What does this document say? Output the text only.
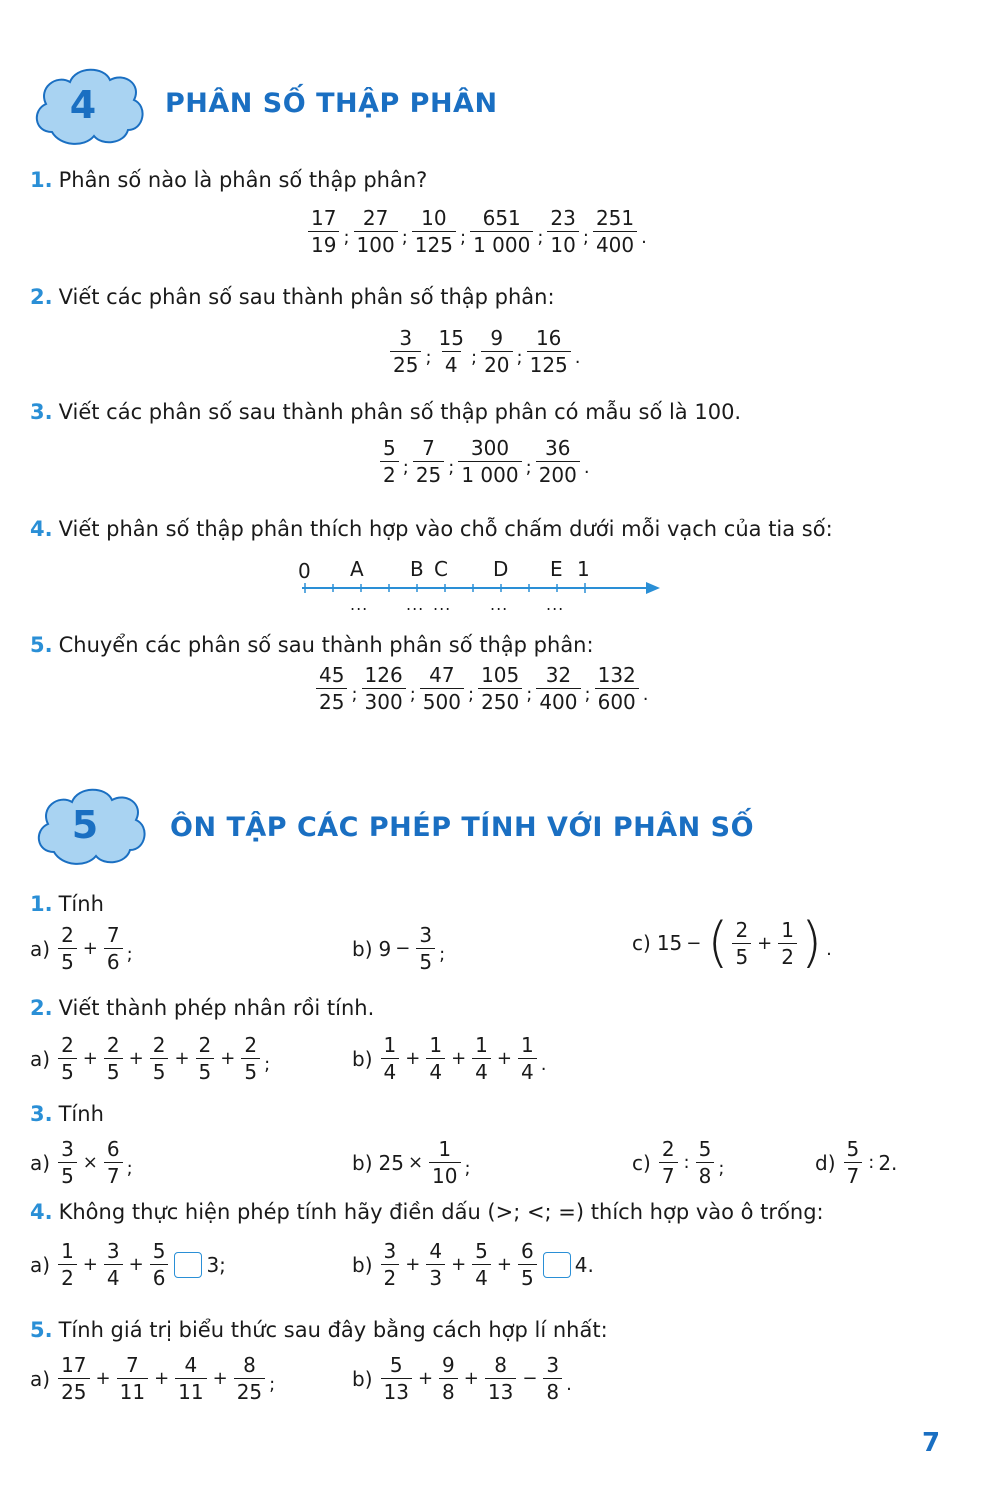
4	PHÂN SỐ THẬP PHÂN
1. Phân số nào là phân số thập phân?
$\frac{17}{19}$ ; $\frac{27}{100}$ ; $\frac{10}{125}$ ; $\frac{651}{1 000}$ ; $\frac{23}{10}$ ; $\frac{251}{400}$ .
2. Viết các phân số sau thành phân số thập phân:
$\frac{3}{25}$ ; $\frac{15}{4}$ ; $\frac{9}{20}$ ; $\frac{16}{125}$ .
3. Viết các phân số sau thành phân số thập phân có mẫu số là 100.
$\frac{5}{2}$ ; $\frac{7}{25}$ ; $\frac{300}{1 000}$ ; $\frac{36}{200}$ .
4. Viết phân số thập phân thích hợp vào chỗ chấm dưới mỗi vạch của tia số:
0 A B C D E 1
... ... ... ... ...
5. Chuyển các phân số sau thành phân số thập phân:
$\frac{45}{25}$ ; $\frac{126}{300}$ ; $\frac{47}{500}$ ; $\frac{105}{250}$ ; $\frac{32}{400}$ ; $\frac{132}{600}$ .
5	ÔN TẬP CÁC PHÉP TÍNH VỚI PHÂN SỐ
1. Tính
$a) \frac{2}{5} + \frac{7}{6}$ ;	b) $9 - \frac{3}{5}$ ;	c) 15 − ( $\frac{2}{5} + \frac{1}{2}$ ) .
2. Viết thành phép nhân rồi tính.
$a) \frac{2}{5} + \frac{2}{5} + \frac{2}{5} + \frac{2}{5} + \frac{2}{5}$ ;	$b) \frac{1}{4} + \frac{1}{4} + \frac{1}{4} + \frac{1}{4}$ .
3. Tính
$a) \frac{3}{5} \times \frac{6}{7}$ ;	b) $25 \times \frac{1}{10}$ ;	$c) \frac{2}{7}$ : $\frac{5}{8}$ ;	$d) \frac{5}{7}$ : 2.
4. Không thực hiện phép tính hãy điền dấu (>; <; =) thích hợp vào ô trống:
$a) \frac{1}{2} + \frac{3}{4} + \frac{5}{6} 3$;	$b) \frac{3}{2} + \frac{4}{3} + \frac{5}{4} + \frac{6}{5} 4$.
5. Tính giá trị biểu thức sau đây bằng cách hợp lí nhất:
$a) \frac{17}{25} + \frac{7}{11} + \frac{4}{11} + \frac{8}{25}$ ;	$b) \frac{5}{13} + \frac{9}{8} + \frac{8}{13} - \frac{3}{8}$ .
7
